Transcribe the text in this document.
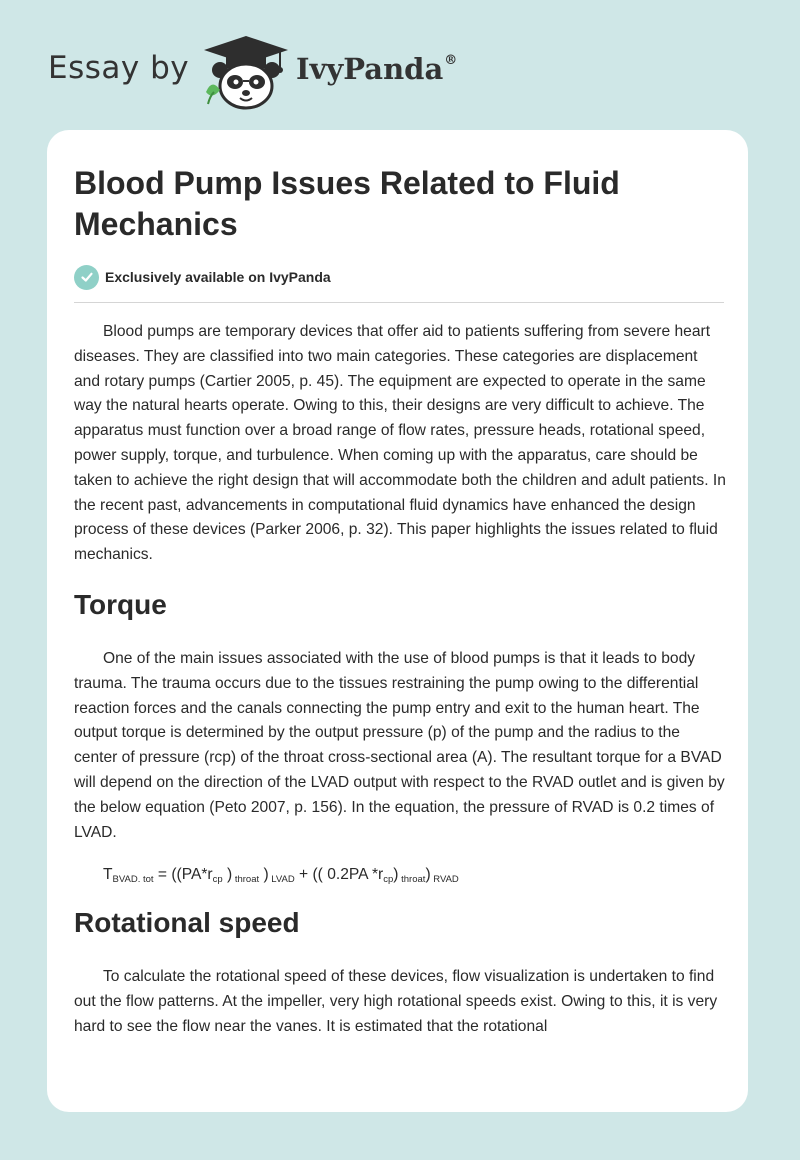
Essay by	IvyPanda®
Blood Pump Issues Related to Fluid Mechanics
Exclusively available on IvyPanda

Blood pumps are temporary devices that offer aid to patients suffering from severe heart diseases. They are classified into two main categories. These categories are displacement and rotary pumps (Cartier 2005, p. 45). The equipment are expected to operate in the same way the natural hearts operate. Owing to this, their designs are very difficult to achieve. The apparatus must function over a broad range of flow rates, pressure heads, rotational speed, power supply, torque, and turbulence. When coming up with the apparatus, care should be taken to achieve the right design that will accommodate both the children and adult patients. In the recent past, advancements in computational fluid dynamics have enhanced the design process of these devices (Parker 2006, p. 32). This paper highlights the issues related to fluid mechanics.

Torque

One of the main issues associated with the use of blood pumps is that it leads to body trauma. The trauma occurs due to the tissues restraining the pump owing to the differential reaction forces and the canals connecting the pump entry and exit to the human heart. The output torque is determined by the output pressure (p) of the pump and the radius to the center of pressure (rcp) of the throat cross-sectional area (A). The resultant torque for a BVAD will depend on the direction of the LVAD output with respect to the RVAD outlet and is given by the below equation (Peto 2007, p. 156). In the equation, the pressure of RVAD is 0.2 times of LVAD.

$T_{BVAD. tot} = ((PA*r_{cp}$ ) $_{throat}$ ) $_{LVAD}$ + (( 0.2PA $*r_{cp}$) $_{throat}$) $_{RVAD}$
Rotational speed

To calculate the rotational speed of these devices, flow visualization is undertaken to find out the flow patterns. At the impeller, very high rotational speeds exist. Owing to this, it is very hard to see the flow near the vanes. It is estimated that the rotational
